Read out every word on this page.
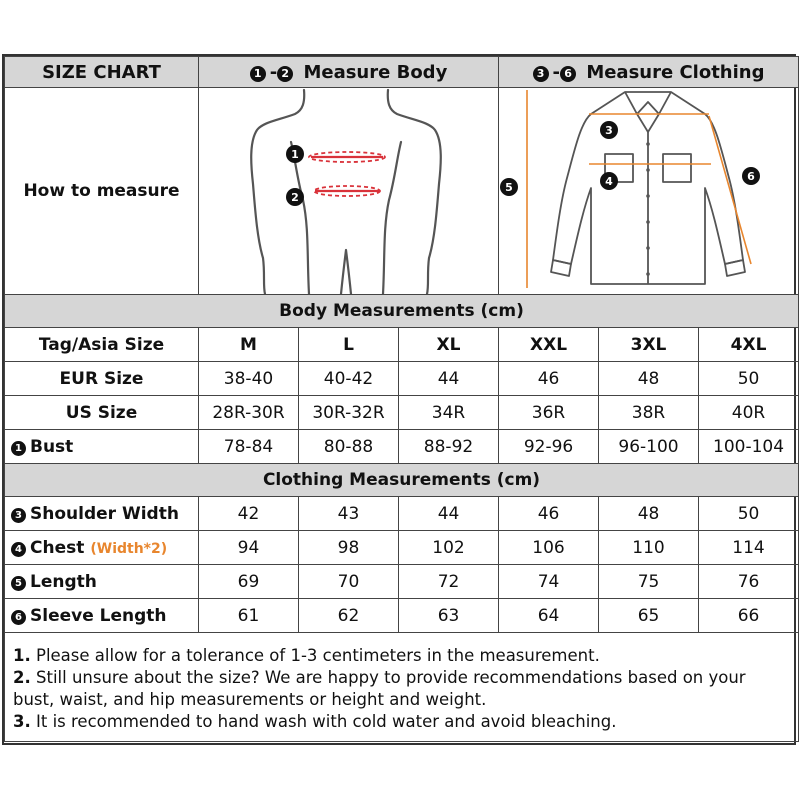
SIZE CHART	1 - 2 Measure Body			3 - 6 Measure Clothing		
How to measure	1
2			3
4
5
6		

Body Measurements (cm)						
Tag/Asia Size	M	L	XL	XXL	3XL	4XL
EUR Size	38-40	40-42	44	46	48	50
US Size	28R-30R	30R-32R	34R	36R	38R	40R
1 Bust	78-84	80-88	88-92	92-96	96-100	100-104
Clothing Measurements (cm)						
3 Shoulder Width	42	43	44	46	48	50
4 Chest (Width*2)	94	98	102	106	110	114
5 Length	69	70	72	74	75	76
6 Sleeve Length	61	62	63	64	65	66

1. Please allow for a tolerance of 1-3 centimeters in the measurement.
2. Still unsure about the size? We are happy to provide recommendations based on your bust, waist, and hip measurements or height and weight.
3. It is recommended to hand wash with cold water and avoid bleaching.						
